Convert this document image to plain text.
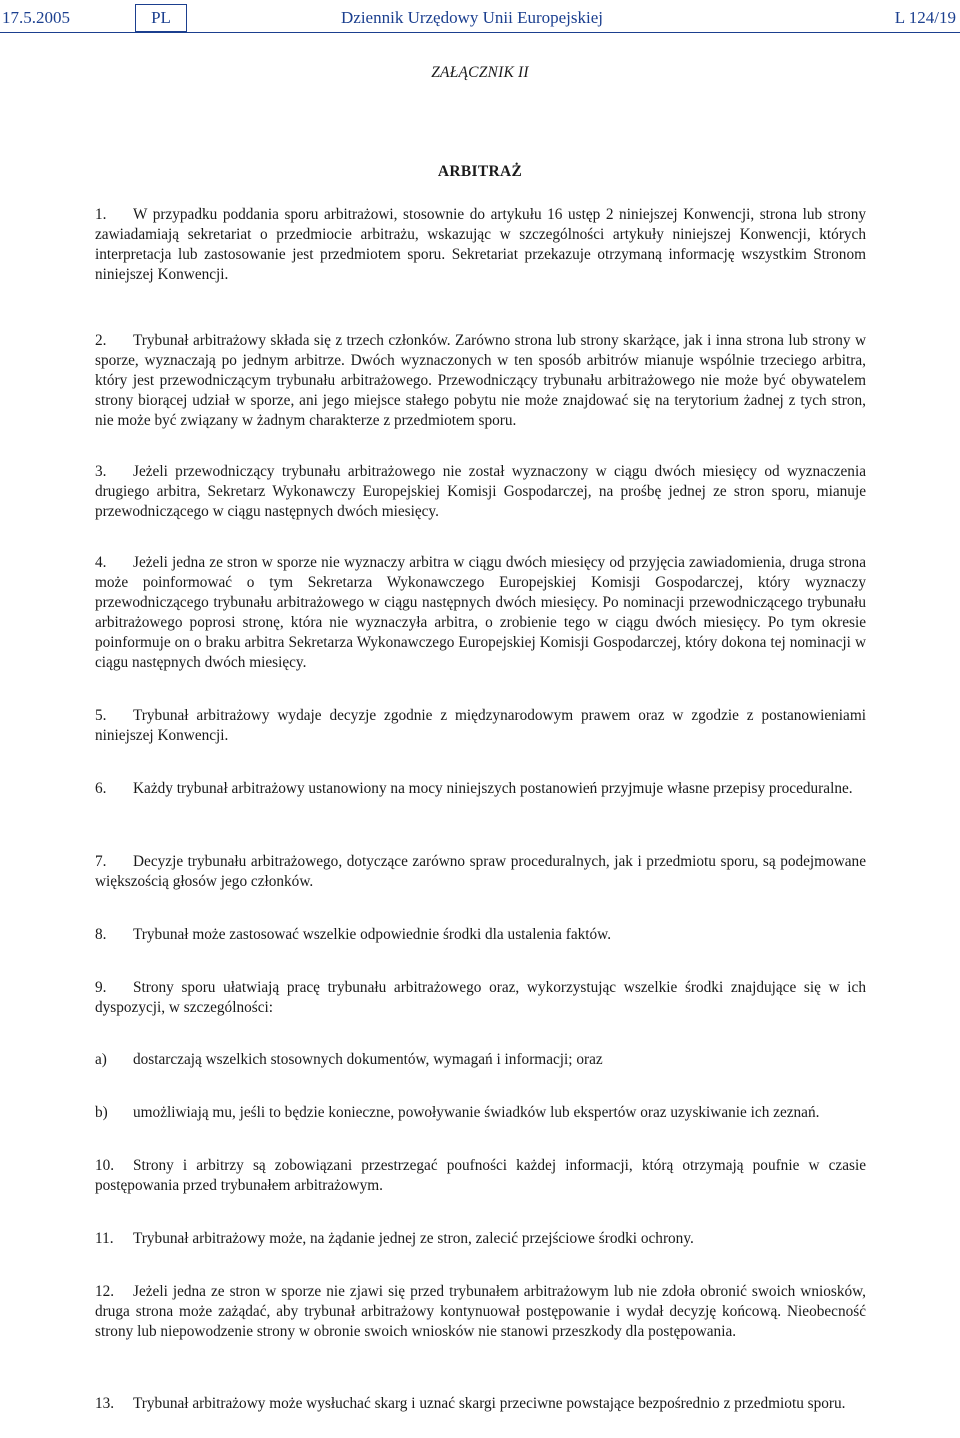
17.5.2005	PL	Dziennik Urzędowy Unii Europejskiej	L 124/19
ZAŁĄCZNIK II
ARBITRAŻ
1. W przypadku poddania sporu arbitrażowi, stosownie do artykułu 16 ustęp 2 niniejszej Konwencji, strona lub strony zawiadamiają sekretariat o przedmiocie arbitrażu, wskazując w szczególności artykuły niniejszej Konwencji, których interpretacja lub zastosowanie jest przedmiotem sporu. Sekretariat przekazuje otrzymaną informację wszystkim Stronom niniejszej Konwencji.
2. Trybunał arbitrażowy składa się z trzech członków. Zarówno strona lub strony skarżące, jak i inna strona lub strony w sporze, wyznaczają po jednym arbitrze. Dwóch wyznaczonych w ten sposób arbitrów mianuje wspólnie trzeciego arbitra, który jest przewodniczącym trybunału arbitrażowego. Przewodniczący trybunału arbitrażowego nie może być obywatelem strony biorącej udział w sporze, ani jego miejsce stałego pobytu nie może znajdować się na terytorium żadnej z tych stron, nie może być związany w żadnym charakterze z przedmiotem sporu.
3. Jeżeli przewodniczący trybunału arbitrażowego nie został wyznaczony w ciągu dwóch miesięcy od wyznaczenia drugiego arbitra, Sekretarz Wykonawczy Europejskiej Komisji Gospodarczej, na prośbę jednej ze stron sporu, mianuje przewodniczącego w ciągu następnych dwóch miesięcy.
4. Jeżeli jedna ze stron w sporze nie wyznaczy arbitra w ciągu dwóch miesięcy od przyjęcia zawiadomienia, druga strona może poinformować o tym Sekretarza Wykonawczego Europejskiej Komisji Gospodarczej, który wyznaczy przewodniczącego trybunału arbitrażowego w ciągu następnych dwóch miesięcy. Po nominacji przewodniczącego trybunału arbitrażowego poprosi stronę, która nie wyznaczyła arbitra, o zrobienie tego w ciągu dwóch miesięcy. Po tym okresie poinformuje on o braku arbitra Sekretarza Wykonawczego Europejskiej Komisji Gospodarczej, który dokona tej nominacji w ciągu następnych dwóch miesięcy.
5. Trybunał arbitrażowy wydaje decyzje zgodnie z międzynarodowym prawem oraz w zgodzie z postanowieniami niniejszej Konwencji.
6. Każdy trybunał arbitrażowy ustanowiony na mocy niniejszych postanowień przyjmuje własne przepisy proceduralne.
7. Decyzje trybunału arbitrażowego, dotyczące zarówno spraw proceduralnych, jak i przedmiotu sporu, są podejmowane większością głosów jego członków.
8. Trybunał może zastosować wszelkie odpowiednie środki dla ustalenia faktów.
9. Strony sporu ułatwiają pracę trybunału arbitrażowego oraz, wykorzystując wszelkie środki znajdujące się w ich dyspozycji, w szczególności:
a) dostarczają wszelkich stosownych dokumentów, wymagań i informacji; oraz
b) umożliwiają mu, jeśli to będzie konieczne, powoływanie świadków lub ekspertów oraz uzyskiwanie ich zeznań.
10. Strony i arbitrzy są zobowiązani przestrzegać poufności każdej informacji, którą otrzymają poufnie w czasie postępowania przed trybunałem arbitrażowym.
11. Trybunał arbitrażowy może, na żądanie jednej ze stron, zalecić przejściowe środki ochrony.
12. Jeżeli jedna ze stron w sporze nie zjawi się przed trybunałem arbitrażowym lub nie zdoła obronić swoich wniosków, druga strona może zażądać, aby trybunał arbitrażowy kontynuował postępowanie i wydał decyzję końcową. Nieobecność strony lub niepowodzenie strony w obronie swoich wniosków nie stanowi przeszkody dla postępowania.
13. Trybunał arbitrażowy może wysłuchać skarg i uznać skargi przeciwne powstające bezpośrednio z przedmiotu sporu.
